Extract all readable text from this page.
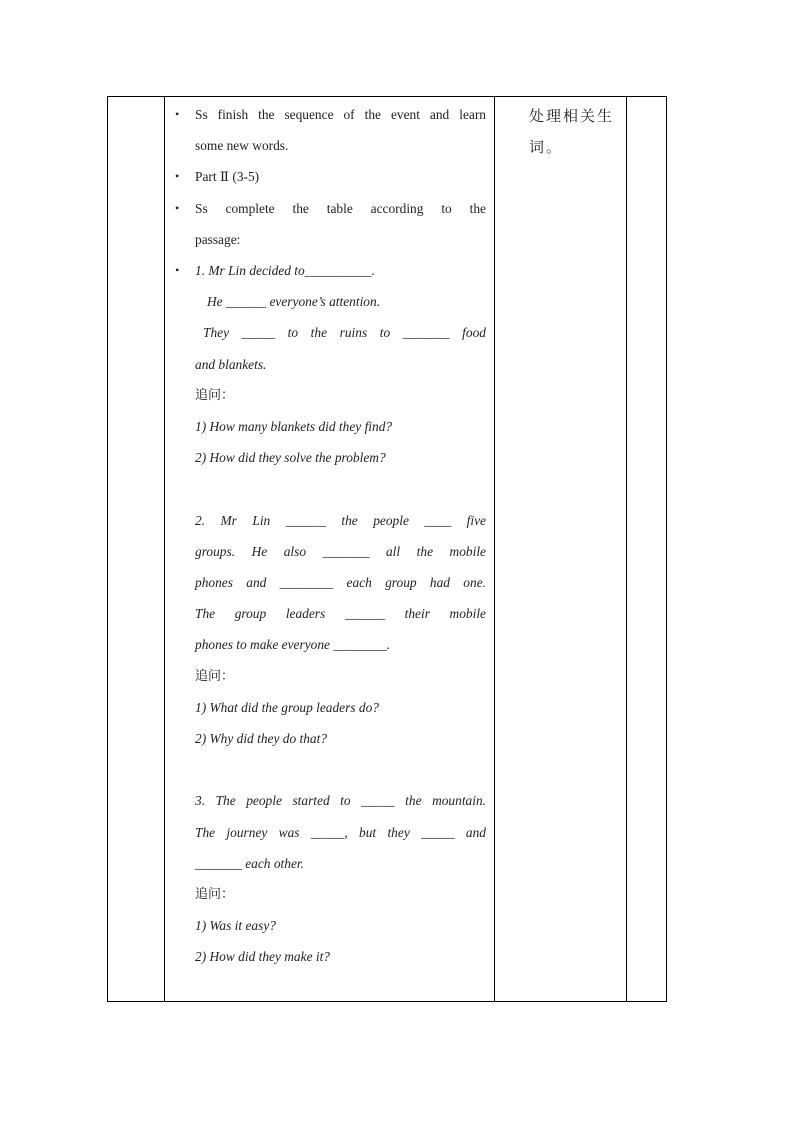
• Ss finish the sequence of the event and learn
some new words.
• Part Ⅱ (3-5)
• Ss complete the table according to the
passage:
• 1. Mr Lin decided to__________.
He ______ everyone’s attention.
They _____ to the ruins to _______ food
and blankets.
追问：
1) How many blankets did they find?
2) How did they solve the problem?
2. Mr Lin ______ the people ____ five
groups. He also _______ all the mobile
phones and ________ each group had one.
The group leaders ______ their mobile
phones to make everyone ________.
追问：
1) What did the group leaders do?
2) Why did they do that?
3. The people started to _____ the mountain.
The journey was _____, but they _____ and
_______ each other.
追问：
1) Was it easy?
2) How did they make it?

处理相关生
词。
